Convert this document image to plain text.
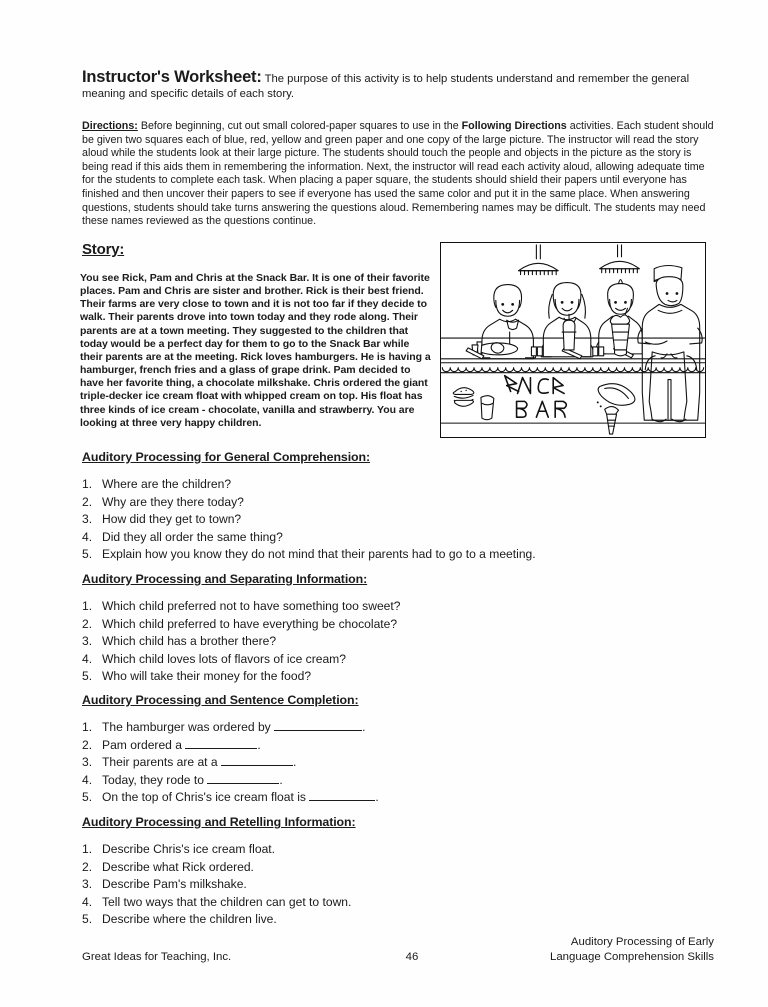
Instructor's Worksheet: The purpose of this activity is to help students understand and remember the general meaning and specific details of each story.
Directions: Before beginning, cut out small colored-paper squares to use in the Following Directions activities. Each student should be given two squares each of blue, red, yellow and green paper and one copy of the large picture. The instructor will read the story aloud while the students look at their large picture. The students should touch the people and objects in the picture as the story is being read if this aids them in remembering the information. Next, the instructor will read each activity aloud, allowing adequate time for the students to complete each task. When placing a paper square, the students should shield their papers until everyone has finished and then uncover their papers to see if everyone has used the same color and put it in the same place. When answering questions, students should take turns answering the questions aloud. Remembering names may be difficult. The students may need these names reviewed as the questions continue.
Story:
You see Rick, Pam and Chris at the Snack Bar. It is one of their favorite places. Pam and Chris are sister and brother. Rick is their best friend. Their farms are very close to town and it is not too far if they decide to walk. Their parents drove into town today and they rode along. Their parents are at a town meeting. They suggested to the children that today would be a perfect day for them to go to the Snack Bar while their parents are at the meeting. Rick loves hamburgers. He is having a hamburger, french fries and a glass of grape drink. Pam decided to have her favorite thing, a chocolate milkshake. Chris ordered the giant triple-decker ice cream float with whipped cream on top. His float has three kinds of ice cream - chocolate, vanilla and strawberry. You are looking at three very happy children.
Auditory Processing for General Comprehension:
1. Where are the children?
2. Why are they there today?
3. How did they get to town?
4. Did they all order the same thing?
5. Explain how you know they do not mind that their parents had to go to a meeting.
Auditory Processing and Separating Information:
1. Which child preferred not to have something too sweet?
2. Which child preferred to have everything be chocolate?
3. Which child has a brother there?
4. Which child loves lots of flavors of ice cream?
5. Who will take their money for the food?
Auditory Processing and Sentence Completion:
1. The hamburger was ordered by	.
2. Pam ordered a	.
3. Their parents are at a	.
4. Today, they rode to	.
5. On the top of Chris's ice cream float is	.
Auditory Processing and Retelling Information:
1. Describe Chris's ice cream float.
2. Describe what Rick ordered.
3. Describe Pam's milkshake.
4. Tell two ways that the children can get to town.
5. Describe where the children live.
Great Ideas for Teaching, Inc.	46
Auditory Processing of Early
Language Comprehension Skills
